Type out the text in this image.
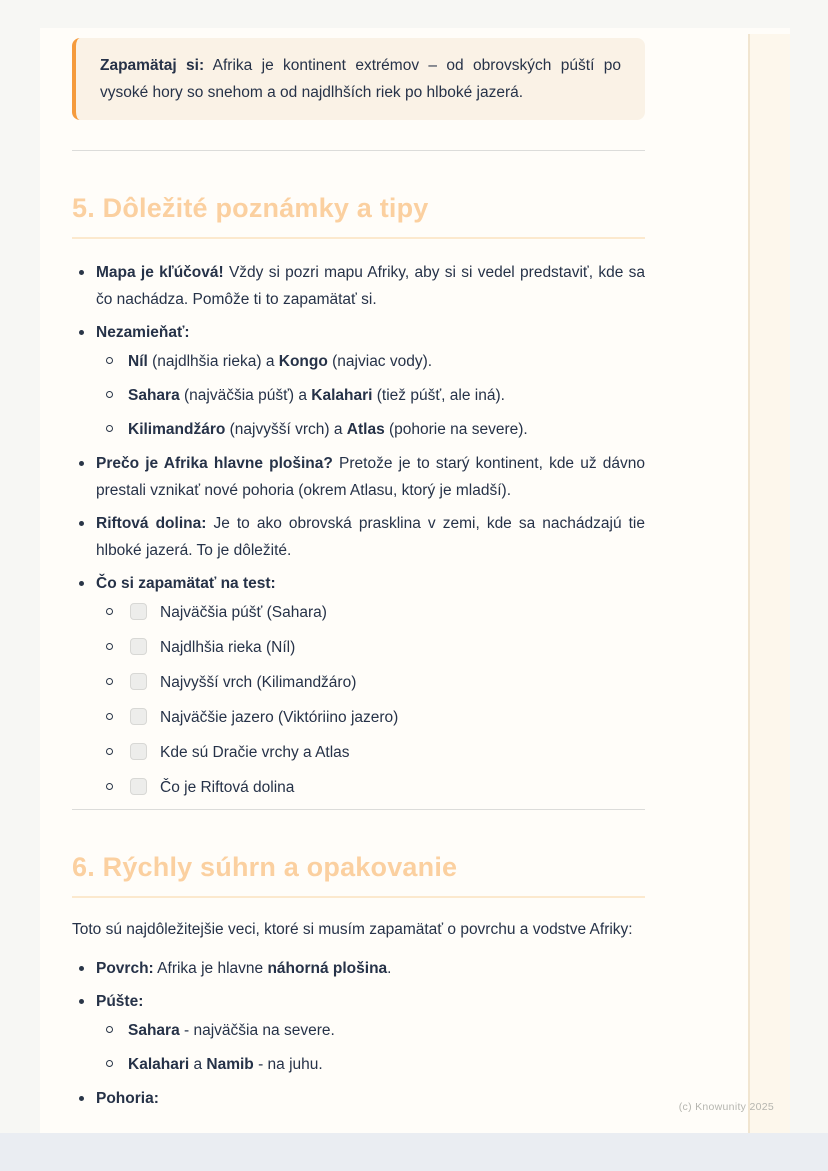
Zapamätaj si: Afrika je kontinent extrémov – od obrovských púští po vysoké hory so snehom a od najdlhších riek po hlboké jazerá.
5. Dôležité poznámky a tipy
Mapa je kľúčová! Vždy si pozri mapu Afriky, aby si si vedel predstaviť, kde sa čo nachádza. Pomôže ti to zapamätať si.
Nezamieňať:
Níl (najdlhšia rieka) a Kongo (najviac vody).
Sahara (najväčšia púšť) a Kalahari (tiež púšť, ale iná).
Kilimandžáro (najvyšší vrch) a Atlas (pohorie na severe).
Prečo je Afrika hlavne plošina? Pretože je to starý kontinent, kde už dávno prestali vznikať nové pohoria (okrem Atlasu, ktorý je mladší).
Riftová dolina: Je to ako obrovská prasklina v zemi, kde sa nachádzajú tie hlboké jazerá. To je dôležité.
Čo si zapamätať na test:
Najväčšia púšť (Sahara)
Najdlhšia rieka (Níl)
Najvyšší vrch (Kilimandžáro)
Najväčšie jazero (Viktóriino jazero)
Kde sú Dračie vrchy a Atlas
Čo je Riftová dolina
6. Rýchly súhrn a opakovanie

Toto sú najdôležitejšie veci, ktoré si musím zapamätať o povrchu a vodstve Afriky:

Povrch: Afrika je hlavne náhorná plošina.
Púšte:
Sahara - najväčšia na severe.
Kalahari a Namib - na juhu.
Pohoria:	(c) Knowunity 2025
